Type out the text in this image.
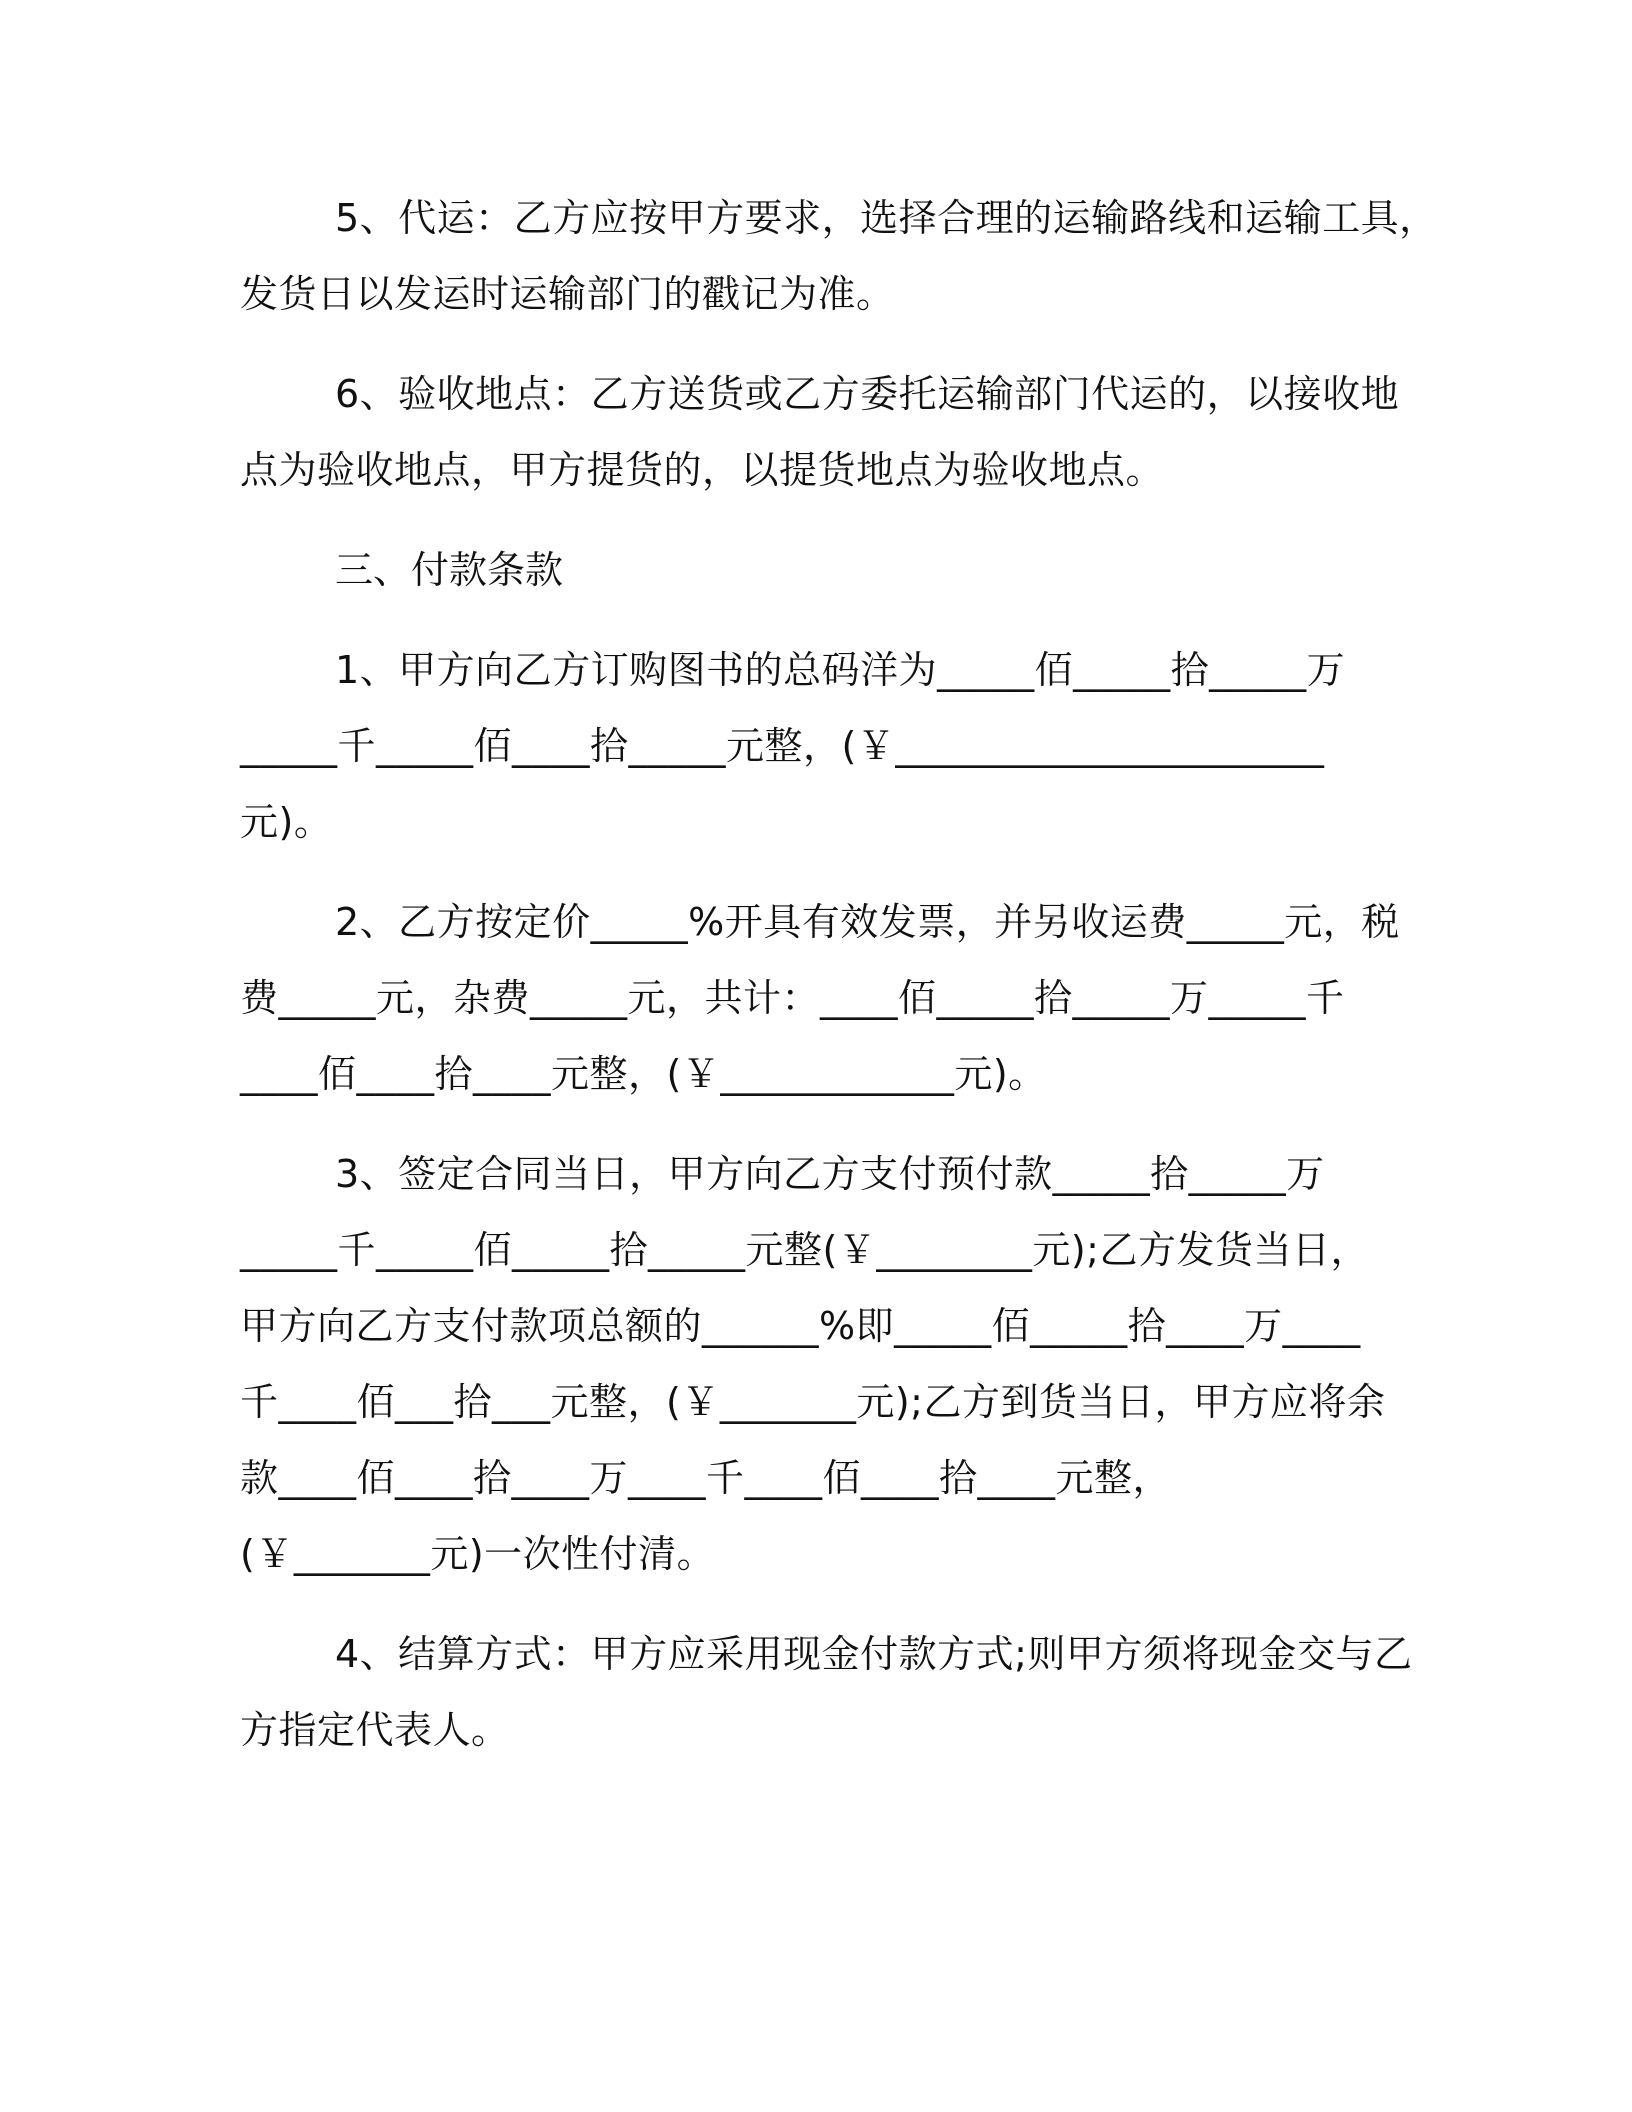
5、代运：乙方应按甲方要求，选择合理的运输路线和运输工具，
发货日以发运时运输部门的戳记为准。

6、验收地点：乙方送货或乙方委托运输部门代运的，以接收地
点为验收地点，甲方提货的，以提货地点为验收地点。

三、付款条款

1、甲方向乙方订购图书的总码洋为_____佰_____拾_____万
_____千_____佰____拾_____元整，(￥______________________
元)。

2、乙方按定价_____%开具有效发票，并另收运费_____元，税
费_____元，杂费_____元，共计：____佰_____拾_____万_____千
____佰____拾____元整，(￥____________元)。

3、签定合同当日，甲方向乙方支付预付款_____拾_____万
_____千_____佰_____拾_____元整(￥________元);乙方发货当日，
甲方向乙方支付款项总额的______%即_____佰_____拾____万____
千____佰___拾___元整，(￥_______元);乙方到货当日，甲方应将余
款____佰____拾____万____千____佰____拾____元整，
(￥_______元)一次性付清。

4、结算方式：甲方应采用现金付款方式;则甲方须将现金交与乙
方指定代表人。
